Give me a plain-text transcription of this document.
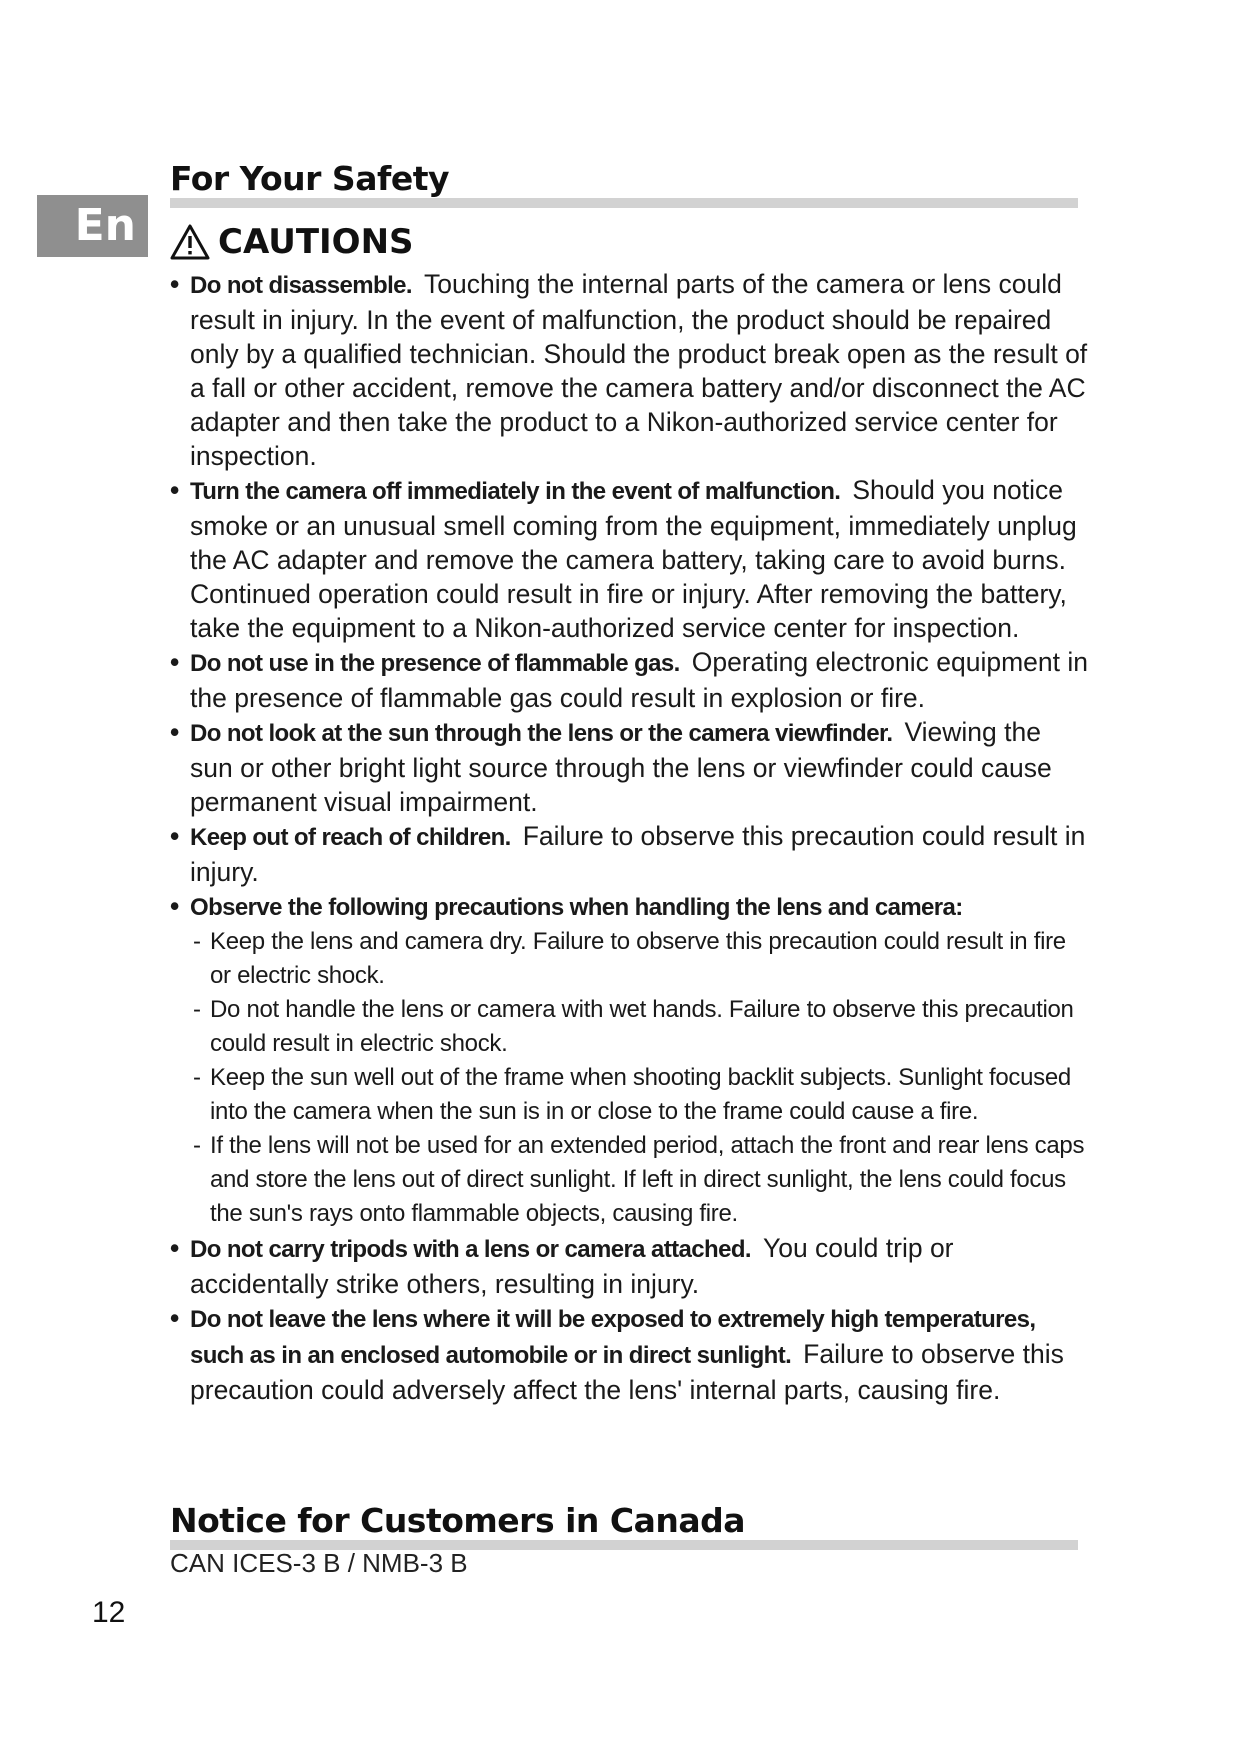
En
For Your Safety
CAUTIONS
• Do not disassemble. Touching the internal parts of the camera or lens could result in injury. In the event of malfunction, the product should be repaired only by a qualified technician. Should the product break open as the result of a fall or other accident, remove the camera battery and/or disconnect the AC adapter and then take the product to a Nikon-authorized service center for inspection.
• Turn the camera off immediately in the event of malfunction. Should you notice smoke or an unusual smell coming from the equipment, immediately unplug the AC adapter and remove the camera battery, taking care to avoid burns. Continued operation could result in fire or injury. After removing the battery, take the equipment to a Nikon-authorized service center for inspection.
• Do not use in the presence of flammable gas. Operating electronic equipment in the presence of flammable gas could result in explosion or fire.
• Do not look at the sun through the lens or the camera viewfinder. Viewing the sun or other bright light source through the lens or viewfinder could cause permanent visual impairment.
• Keep out of reach of children. Failure to observe this precaution could result in injury.
• Observe the following precautions when handling the lens and camera:
- Keep the lens and camera dry. Failure to observe this precaution could result in fire or electric shock.
- Do not handle the lens or camera with wet hands. Failure to observe this precaution could result in electric shock.
- Keep the sun well out of the frame when shooting backlit subjects. Sunlight focused into the camera when the sun is in or close to the frame could cause a fire.
- If the lens will not be used for an extended period, attach the front and rear lens caps and store the lens out of direct sunlight. If left in direct sunlight, the lens could focus the sun's rays onto flammable objects, causing fire.
• Do not carry tripods with a lens or camera attached. You could trip or accidentally strike others, resulting in injury.
• Do not leave the lens where it will be exposed to extremely high temperatures, such as in an enclosed automobile or in direct sunlight. Failure to observe this precaution could adversely affect the lens' internal parts, causing fire.
Notice for Customers in Canada
CAN ICES-3 B / NMB-3 B
12
